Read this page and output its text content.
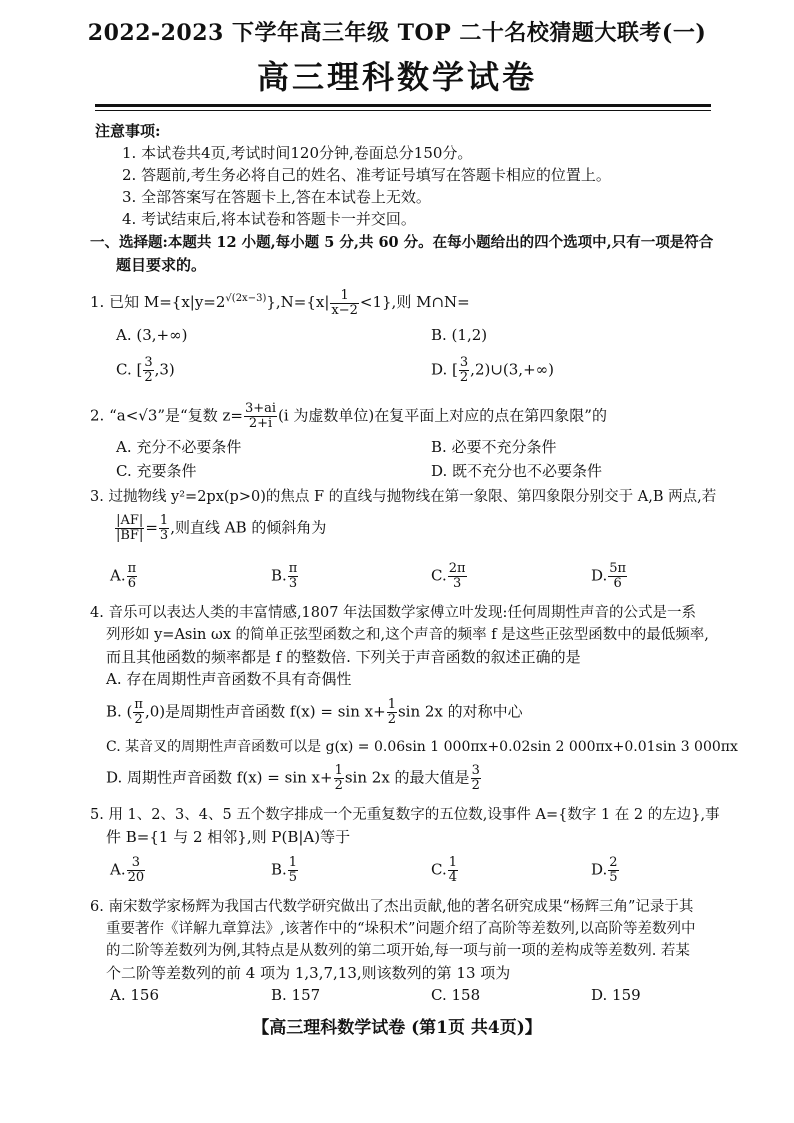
2022-2023 下学年高三年级 TOP 二十名校猜题大联考(一)
高三理科数学试卷
注意事项:
1. 本试卷共4页,考试时间120分钟,卷面总分150分。
2. 答题前,考生务必将自己的姓名、准考证号填写在答题卡相应的位置上。
3. 全部答案写在答题卡上,答在本试卷上无效。
4. 考试结束后,将本试卷和答题卡一并交回。
一、选择题:本题共 12 小题,每小题 5 分,共 60 分。在每小题给出的四个选项中,只有一项是符合
题目要求的。
1. 已知 $M=\{x|y=2^{√(2x-3)}\},N=\{x| \frac{1}{x-2} <1\}$,则 M∩N=
A. (3,+∞)	B. (1,2)
C. [ $\frac{3}{2} ,3$)	D. [ $\frac{3}{2}$ ,2)∪(3,+∞)
2. “a<√3”是“复数 $z= \frac{3+ai}{2+i} (i$ 为虚数单位)在复平面上对应的点在第四象限”的
A. 充分不必要条件	B. 必要不充分条件
C. 充要条件	D. 既不充分也不必要条件
3. 过抛物线 y²=2px(p>0)的焦点 F 的直线与抛物线在第一象限、第四象限分别交于 A,B 两点,若
$\frac{|AF|}{|BF|} = \frac{1}{3}$ ,则直线 AB 的倾斜角为
A. $\frac{\pi}{6}$	B. $\frac{\pi}{3}$	C. $\frac{2\pi}{3}$	D. $\frac{5\pi}{6}$
4. 音乐可以表达人类的丰富情感,1807 年法国数学家傅立叶发现:任何周期性声音的公式是一系
列形如 y=Asin ωx 的简单正弦型函数之和,这个声音的频率 f 是这些正弦型函数中的最低频率,
而且其他函数的频率都是 f 的整数倍. 下列关于声音函数的叙述正确的是
A. 存在周期性声音函数不具有奇偶性
B. ( $\frac{\pi}{2} ,0$)是周期性声音函数 $f(x) = \sin x+ \frac{1}{2}$ sin 2x 的对称中心
C. 某音叉的周期性声音函数可以是 g(x) = 0.06sin 1 000πx+0.02sin 2 000πx+0.01sin 3 000πx
D. 周期性声音函数 $f(x) = \sin x+ \frac{1}{2}$ sin 2x 的最大值是 $\frac{3}{2}$
5. 用 1、2、3、4、5 五个数字排成一个无重复数字的五位数,设事件 A={数字 1 在 2 的左边},事
件 B={1 与 2 相邻},则 P(B|A)等于
A. $\frac{3}{20}$	B. $\frac{1}{5}$	C. $\frac{1}{4}$	D. $\frac{2}{5}$
6. 南宋数学家杨辉为我国古代数学研究做出了杰出贡献,他的著名研究成果“杨辉三角”记录于其
重要著作《详解九章算法》,该著作中的“垛积术”问题介绍了高阶等差数列,以高阶等差数列中
的二阶等差数列为例,其特点是从数列的第二项开始,每一项与前一项的差构成等差数列. 若某
个二阶等差数列的前 4 项为 1,3,7,13,则该数列的第 13 项为
A. 156	B. 157	C. 158	D. 159
【高三理科数学试卷 (第1页 共4页)】
